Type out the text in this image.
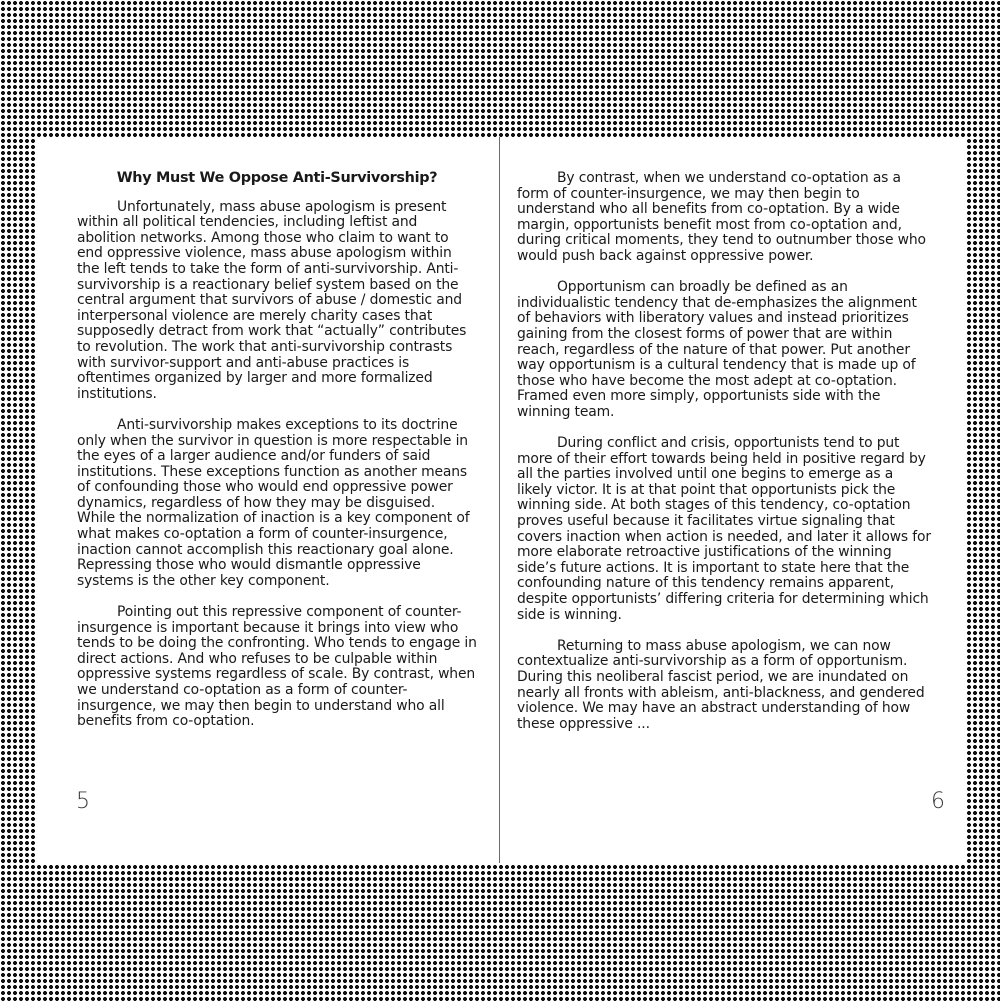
Why Must We Oppose Anti-Survivorship?

Unfortunately, mass abuse apologism is present within all political tendencies, including leftist and abolition networks. Among those who claim to want to end oppressive violence, mass abuse apologism within the left tends to take the form of anti-survivorship. Anti-survivorship is a reactionary belief system based on the central argument that survivors of abuse / domestic and interpersonal violence are merely charity cases that supposedly detract from work that “actually” contributes to revolution. The work that anti-survivorship contrasts with survivor-support and anti-abuse practices is oftentimes organized by larger and more formalized institutions.

Anti-survivorship makes exceptions to its doctrine only when the survivor in question is more respectable in the eyes of a larger audience and/or funders of said institutions. These exceptions function as another means of confounding those who would end oppressive power dynamics, regardless of how they may be disguised. While the normalization of inaction is a key component of what makes co-optation a form of counter-insurgence, inaction cannot accomplish this reactionary goal alone. Repressing those who would dismantle oppressive systems is the other key component.

Pointing out this repressive component of counter-insurgence is important because it brings into view who tends to be doing the confronting. Who tends to engage in direct actions. And who refuses to be culpable within oppressive systems regardless of scale. By contrast, when we understand co-optation as a form of counter-insurgence, we may then begin to understand who all benefits from co-optation.

5

By contrast, when we understand co-optation as a form of counter-insurgence, we may then begin to understand who all benefits from co-optation. By a wide margin, opportunists benefit most from co-optation and, during critical moments, they tend to outnumber those who would push back against oppressive power.

Opportunism can broadly be defined as an individualistic tendency that de-emphasizes the alignment of behaviors with liberatory values and instead prioritizes gaining from the closest forms of power that are within reach, regardless of the nature of that power. Put another way opportunism is a cultural tendency that is made up of those who have become the most adept at co-optation. Framed even more simply, opportunists side with the winning team.

During conflict and crisis, opportunists tend to put more of their effort towards being held in positive regard by all the parties involved until one begins to emerge as a likely victor. It is at that point that opportunists pick the winning side. At both stages of this tendency, co-optation proves useful because it facilitates virtue signaling that covers inaction when action is needed, and later it allows for more elaborate retroactive justifications of the winning side’s future actions. It is important to state here that the confounding nature of this tendency remains apparent, despite opportunists’ differing criteria for determining which side is winning.

Returning to mass abuse apologism, we can now contextualize anti-survivorship as a form of opportunism. During this neoliberal fascist period, we are inundated on nearly all fronts with ableism, anti-blackness, and gendered violence. We may have an abstract understanding of how these oppressive ...

6
